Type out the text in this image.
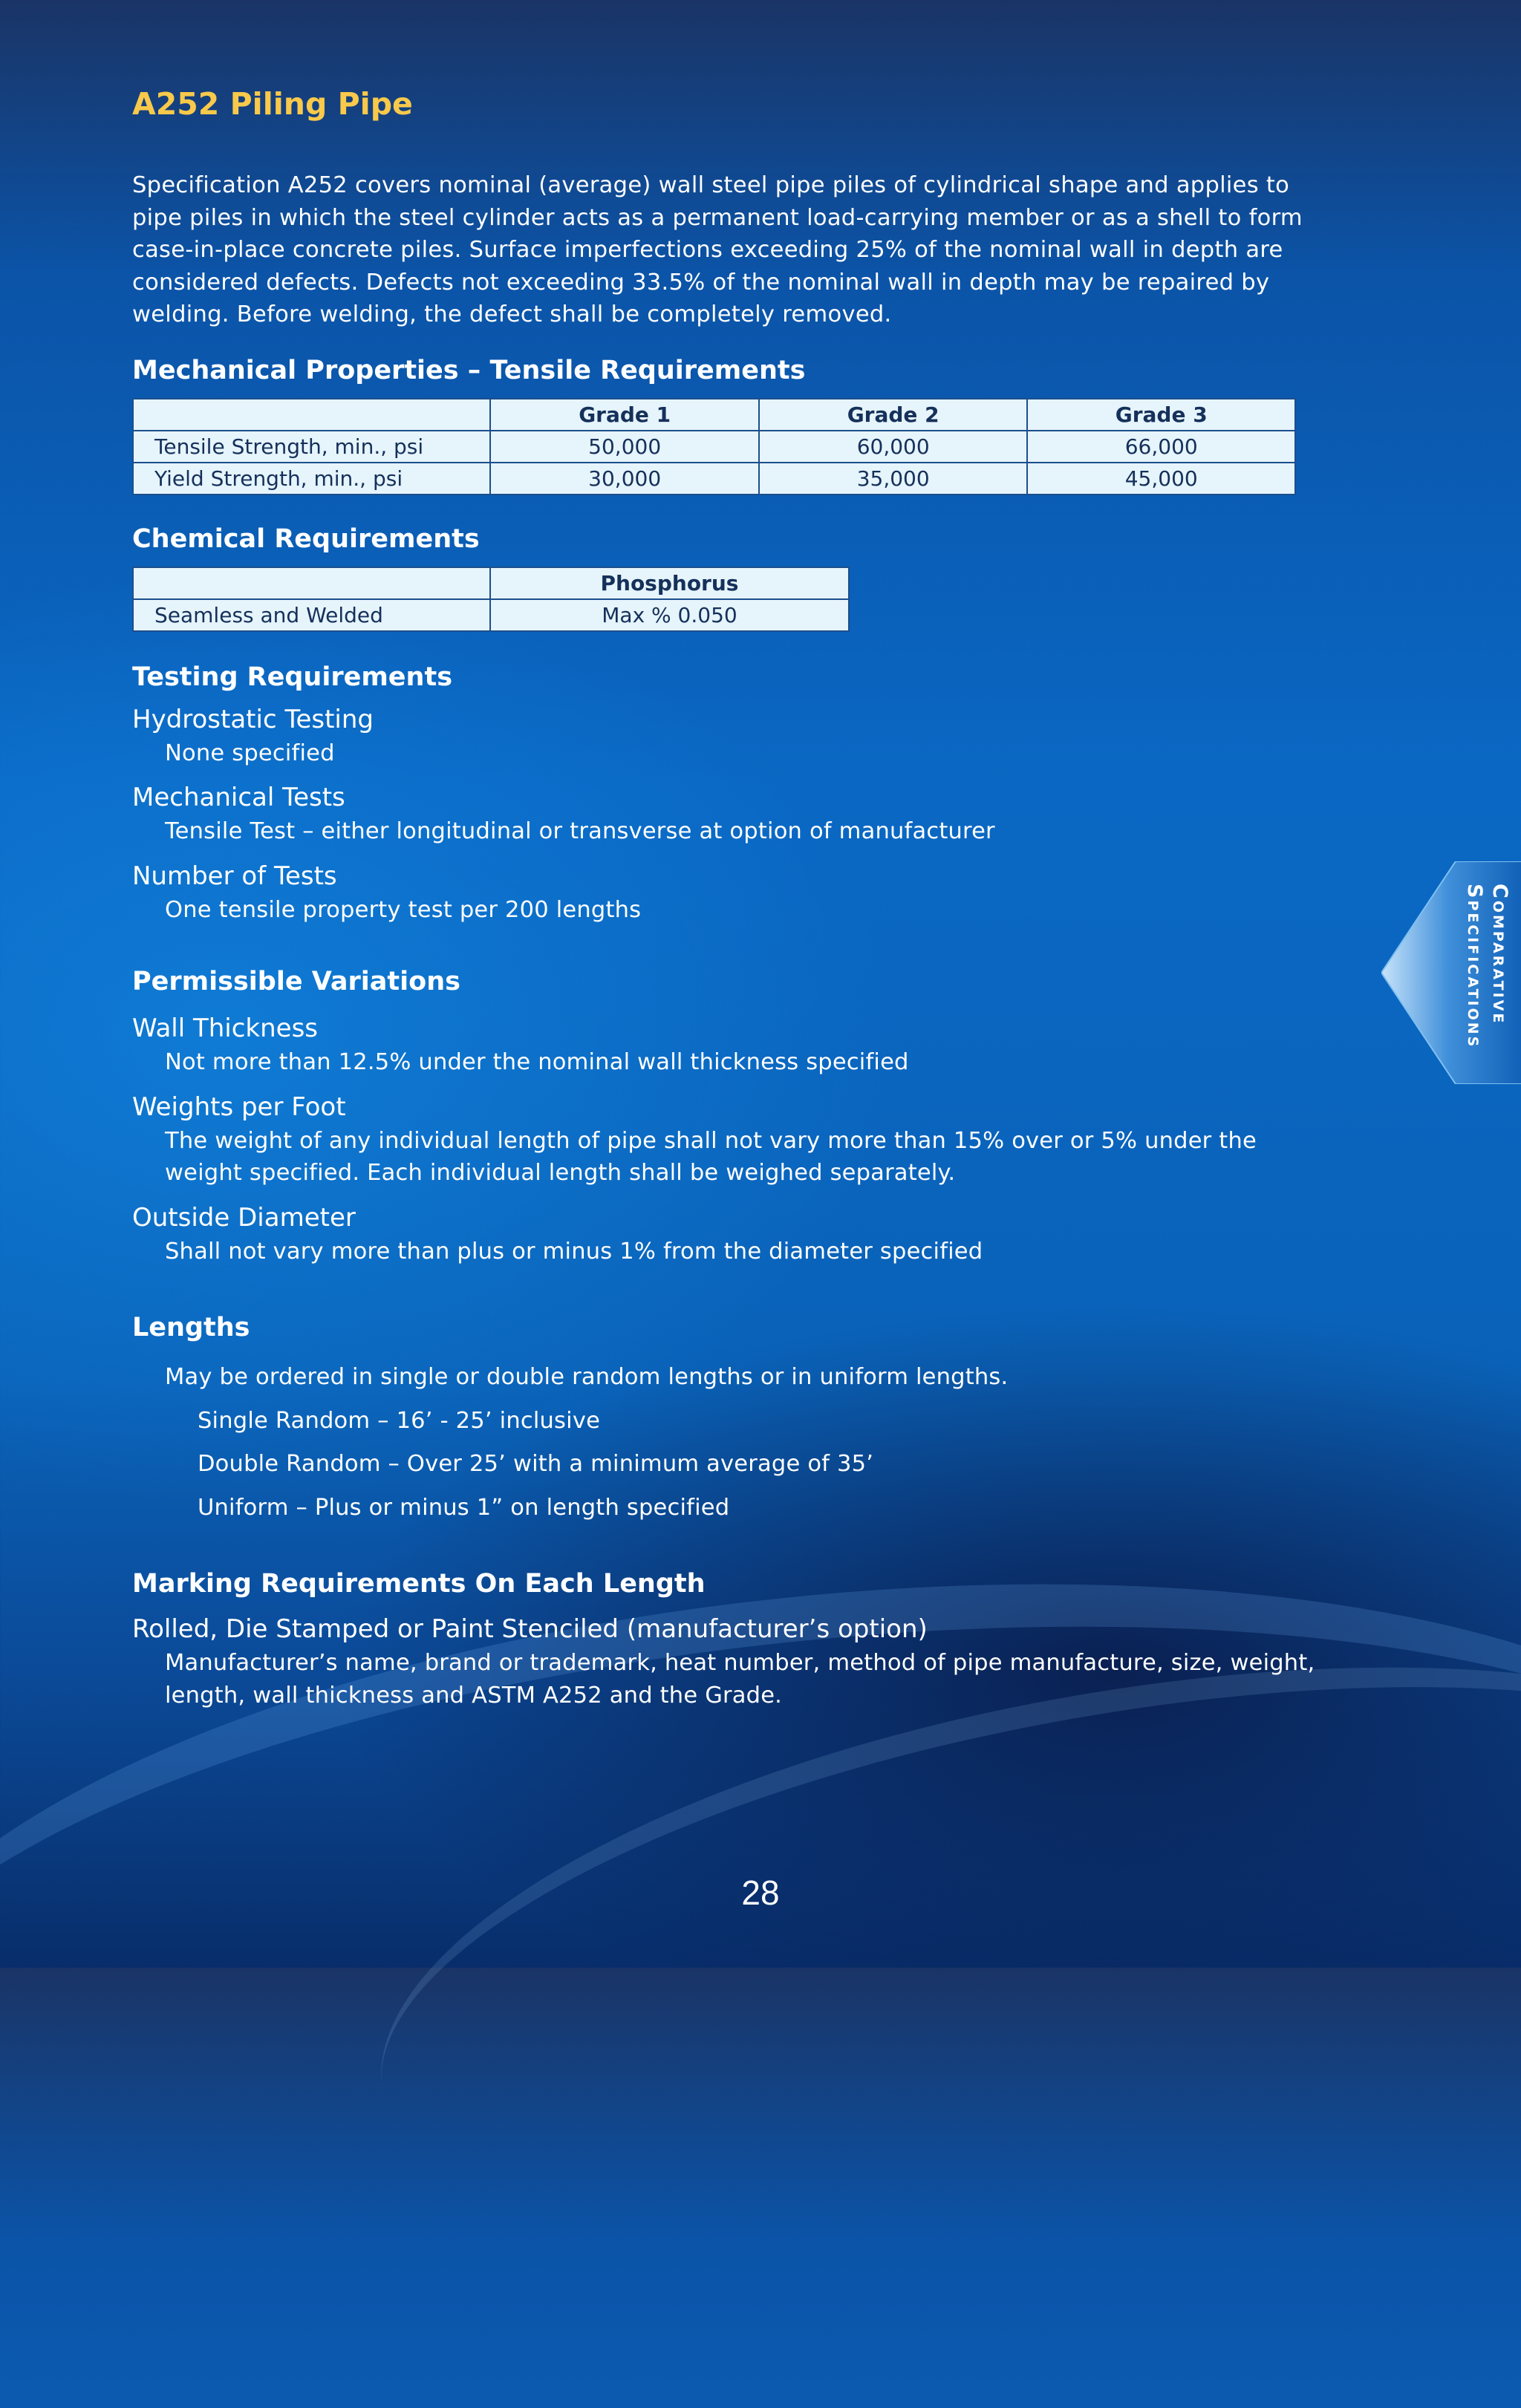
A252 Piling Pipe

Specification A252 covers nominal (average) wall steel pipe piles of cylindrical shape and applies to pipe piles in which the steel cylinder acts as a permanent load-carrying member or as a shell to form case-in-place concrete piles. Surface imperfections exceeding 25% of the nominal wall in depth are considered defects. Defects not exceeding 33.5% of the nominal wall in depth may be repaired by welding. Before welding, the defect shall be completely removed.

Mechanical Properties – Tensile Requirements
	Grade 1	Grade 2	Grade 3
Tensile Strength, min., psi	50,000	60,000	66,000
Yield Strength, min., psi	30,000	35,000	45,000
Chemical Requirements
	Phosphorus
Seamless and Welded	Max % 0.050
Testing Requirements

Hydrostatic Testing

None specified

Mechanical Tests

Tensile Test – either longitudinal or transverse at option of manufacturer

Number of Tests

One tensile property test per 200 lengths

Permissible Variations

Wall Thickness

Not more than 12.5% under the nominal wall thickness specified

Weights per Foot

The weight of any individual length of pipe shall not vary more than 15% over or 5% under the weight specified. Each individual length shall be weighed separately.

Outside Diameter

Shall not vary more than plus or minus 1% from the diameter specified

Lengths

May be ordered in single or double random lengths or in uniform lengths.

Single Random – 16’ - 25’ inclusive

Double Random – Over 25’ with a minimum average of 35’

Uniform – Plus or minus 1” on length specified

Marking Requirements On Each Length

Rolled, Die Stamped or Paint Stenciled (manufacturer’s option)

Manufacturer’s name, brand or trademark, heat number, method of pipe manufacture, size, weight, length, wall thickness and ASTM A252 and the Grade.

Comparative
Specifications
28
